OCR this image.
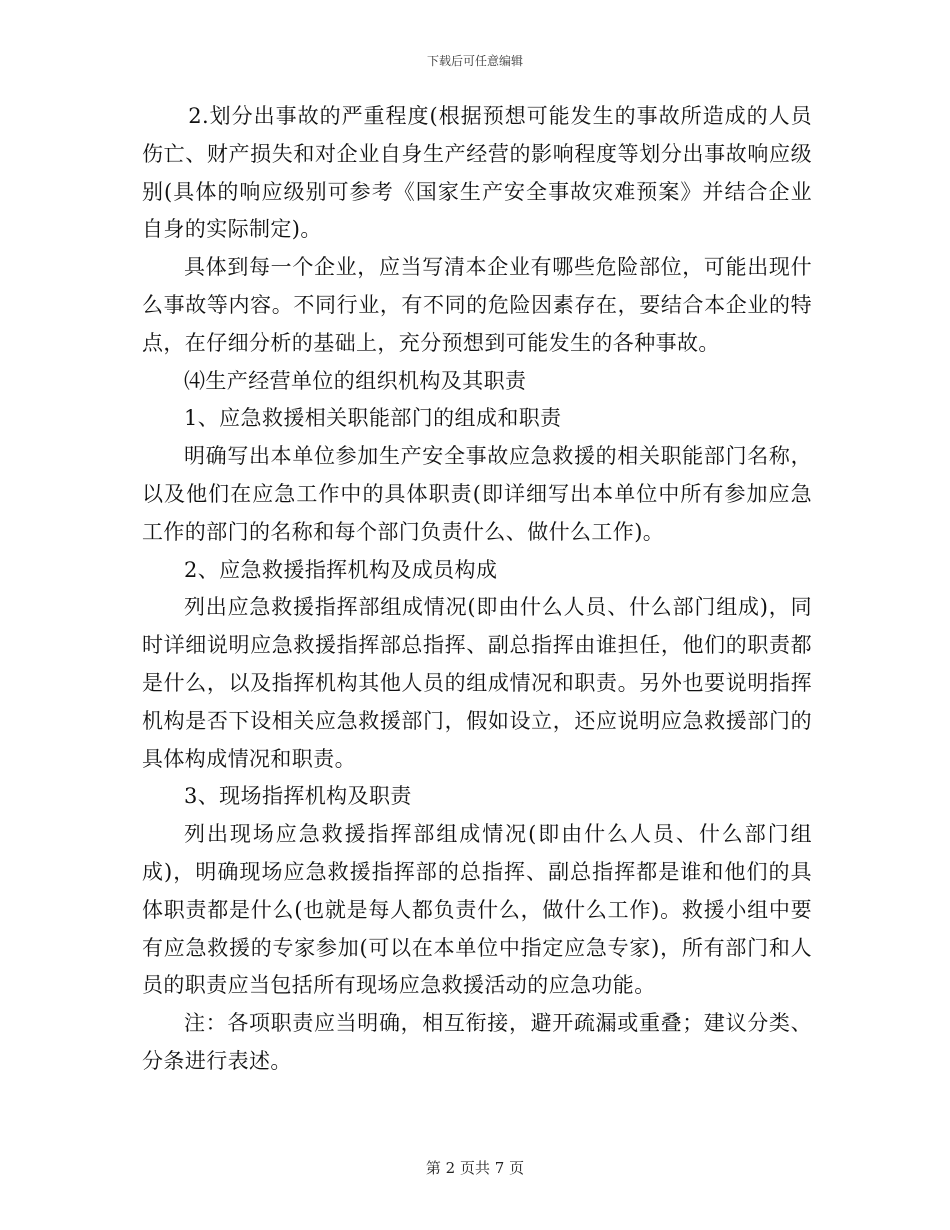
下载后可任意编辑

2.划分出事故的严重程度(根据预想可能发生的事故所造成的人员伤亡、财产损失和对企业自身生产经营的影响程度等划分出事故响应级别(具体的响应级别可参考《国家生产安全事故灾难预案》并结合企业自身的实际制定)。

具体到每一个企业，应当写清本企业有哪些危险部位，可能出现什么事故等内容。不同行业，有不同的危险因素存在，要结合本企业的特点，在仔细分析的基础上，充分预想到可能发生的各种事故。

⑷生产经营单位的组织机构及其职责

1、应急救援相关职能部门的组成和职责

明确写出本单位参加生产安全事故应急救援的相关职能部门名称，以及他们在应急工作中的具体职责(即详细写出本单位中所有参加应急工作的部门的名称和每个部门负责什么、做什么工作)。

2、应急救援指挥机构及成员构成

列出应急救援指挥部组成情况(即由什么人员、什么部门组成)，同时详细说明应急救援指挥部总指挥、副总指挥由谁担任，他们的职责都是什么，以及指挥机构其他人员的组成情况和职责。另外也要说明指挥机构是否下设相关应急救援部门，假如设立，还应说明应急救援部门的具体构成情况和职责。

3、现场指挥机构及职责

列出现场应急救援指挥部组成情况(即由什么人员、什么部门组成)，明确现场应急救援指挥部的总指挥、副总指挥都是谁和他们的具体职责都是什么(也就是每人都负责什么，做什么工作)。救援小组中要有应急救援的专家参加(可以在本单位中指定应急专家)，所有部门和人员的职责应当包括所有现场应急救援活动的应急功能。

注：各项职责应当明确，相互衔接，避开疏漏或重叠；建议分类、分条进行表述。

第 2 页共 7 页
